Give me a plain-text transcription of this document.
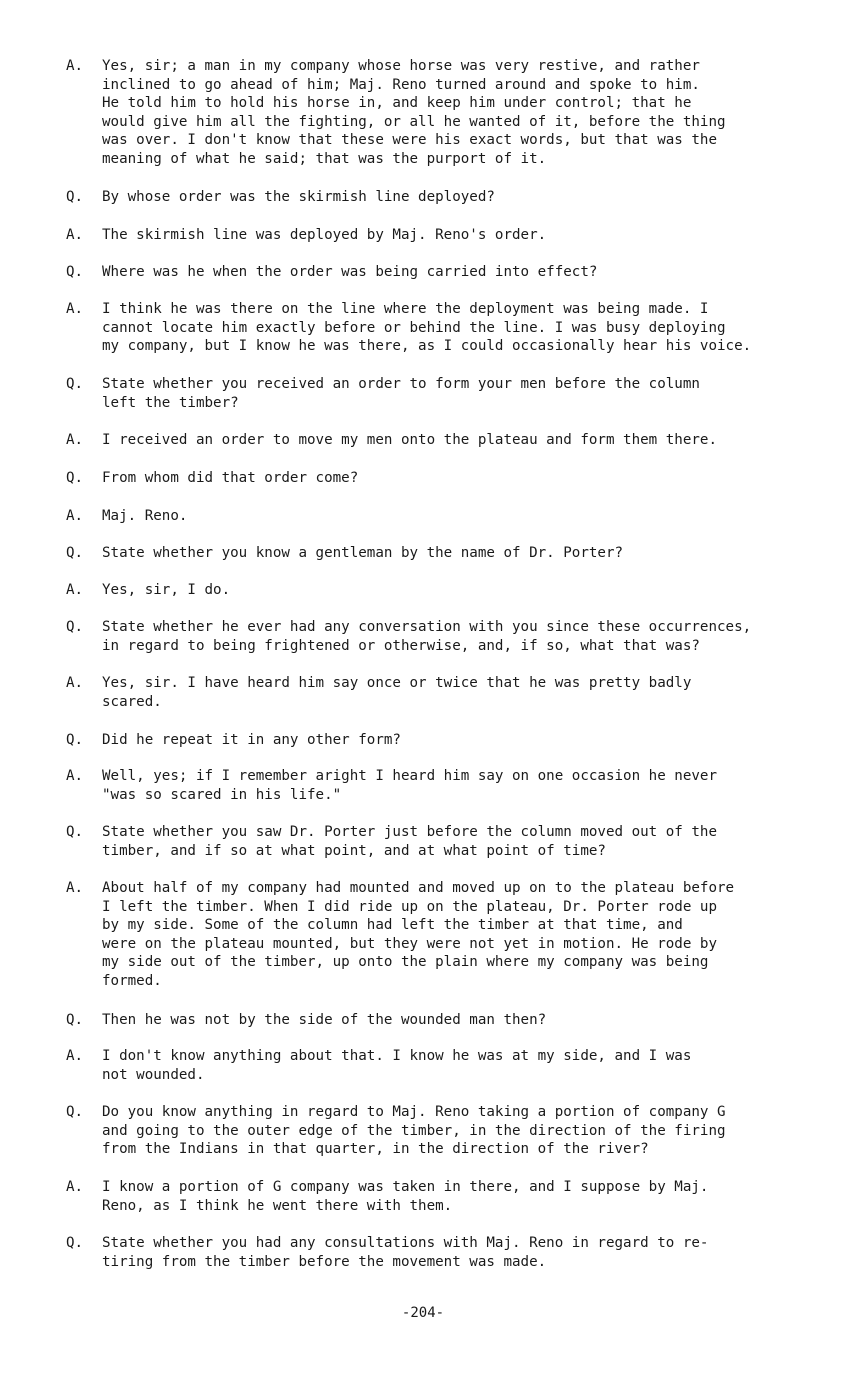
A.	Yes, sir; a man in my company whose horse was very restive, and rather
inclined to go ahead of him; Maj. Reno turned around and spoke to him.
He told him to hold his horse in, and keep him under control; that he
would give him all the fighting, or all he wanted of it, before the thing
was over. I don't know that these were his exact words, but that was the
meaning of what he said; that was the purport of it.
Q.	By whose order was the skirmish line deployed?
A.	The skirmish line was deployed by Maj. Reno's order.
Q.	Where was he when the order was being carried into effect?
A.	I think he was there on the line where the deployment was being made. I
cannot locate him exactly before or behind the line. I was busy deploying
my company, but I know he was there, as I could occasionally hear his voice.
Q.	State whether you received an order to form your men before the column
left the timber?
A.	I received an order to move my men onto the plateau and form them there.
Q.	From whom did that order come?
A.	Maj. Reno.
Q.	State whether you know a gentleman by the name of Dr. Porter?
A.	Yes, sir, I do.
Q.	State whether he ever had any conversation with you since these occurrences,
in regard to being frightened or otherwise, and, if so, what that was?
A.	Yes, sir. I have heard him say once or twice that he was pretty badly
scared.
Q.	Did he repeat it in any other form?
A.	Well, yes; if I remember aright I heard him say on one occasion he never
"was so scared in his life."
Q.	State whether you saw Dr. Porter just before the column moved out of the
timber, and if so at what point, and at what point of time?
A.	About half of my company had mounted and moved up on to the plateau before
I left the timber. When I did ride up on the plateau, Dr. Porter rode up
by my side. Some of the column had left the timber at that time, and
were on the plateau mounted, but they were not yet in motion. He rode by
my side out of the timber, up onto the plain where my company was being
formed.
Q.	Then he was not by the side of the wounded man then?
A.	I don't know anything about that. I know he was at my side, and I was
not wounded.
Q.	Do you know anything in regard to Maj. Reno taking a portion of company G
and going to the outer edge of the timber, in the direction of the firing
from the Indians in that quarter, in the direction of the river?
A.	I know a portion of G company was taken in there, and I suppose by Maj.
Reno, as I think he went there with them.
Q.	State whether you had any consultations with Maj. Reno in regard to re-
tiring from the timber before the movement was made.
-204-
